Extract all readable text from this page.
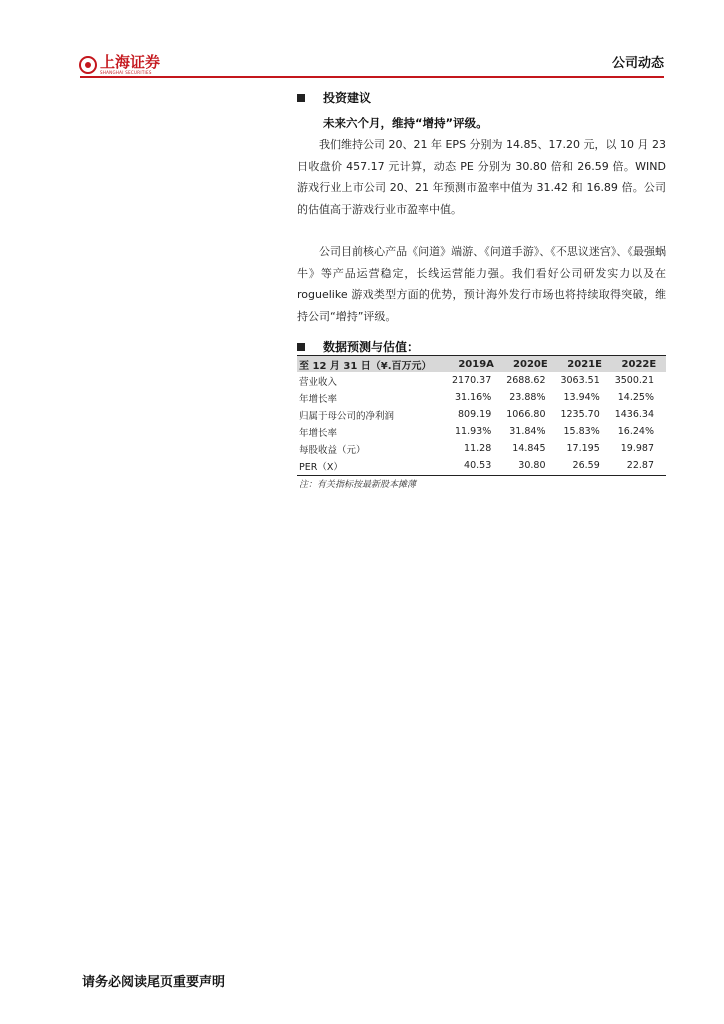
上海证券
SHANGHAI SECURITIES
公司动态
投资建议
未来六个月，维持“增持”评级。

我们维持公司 20、21 年 EPS 分别为 14.85、17.20 元，以 10 月 23 日收盘价 457.17 元计算，动态 PE 分别为 30.80 倍和 26.59 倍。WIND 游戏行业上市公司 20、21 年预测市盈率中值为 31.42 和 16.89 倍。公司的估值高于游戏行业市盈率中值。

公司目前核心产品《问道》端游、《问道手游》、《不思议迷宫》、《最强蜗牛》等产品运营稳定，长线运营能力强。我们看好公司研发实力以及在 roguelike 游戏类型方面的优势，预计海外发行市场也将持续取得突破，维持公司“增持”评级。

数据预测与估值：
至 12 月 31 日（¥.百万元）	2019A	2020E	2021E	2022E
营业收入	2170.37	2688.62	3063.51	3500.21
年增长率	31.16%	23.88%	13.94%	14.25%
归属于母公司的净利润	809.19	1066.80	1235.70	1436.34
年增长率	11.93%	31.84%	15.83%	16.24%
每股收益（元）	11.28	14.845	17.195	19.987
PER（X）	40.53	30.80	26.59	22.87
注：有关指标按最新股本摊薄
请务必阅读尾页重要声明
